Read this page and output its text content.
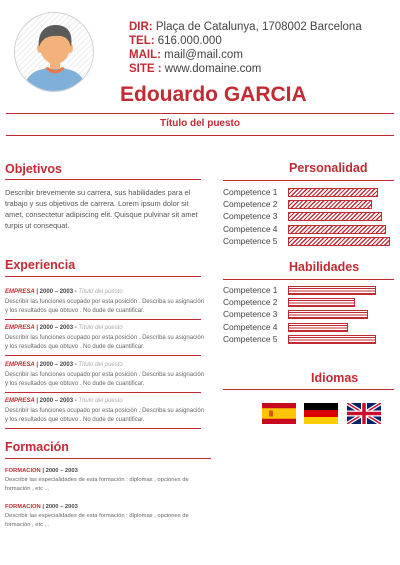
DIR: Plaça de Catalunya, 1708002 Barcelona
TEL: 616.000.000
MAIL: mail@mail.com
SITE : www.domaine.com
Edouardo GARCIA
Título del puesto
Objetivos
Describir brevemente su carrera, sus habilidades para el trabajo y sus objetivos de carrera. Lorem ipsum dolor sit amet, consectetur adipiscing elit. Quisque pulvinar sit amet turpis ut consequat.
Experiencia
EMPRESA | 2000 – 2003 - Título del puesto
Describir las funciones ocupado por esta posición . Describa su asignación y los resultados que obtuvo . No dude de cuantificar.
EMPRESA | 2000 – 2003 - Título del puesto
Describir las funciones ocupado por esta posición . Describa su asignación y los resultados que obtuvo . No dude de cuantificar.
EMPRESA | 2000 – 2003 - Título del puesto
Describir las funciones ocupado por esta posición . Describa su asignación y los resultados que obtuvo . No dude de cuantificar.
EMPRESA | 2000 – 2003 - Título del puesto
Describir las funciones ocupado por esta posición . Describa su asignación y los resultados que obtuvo . No dude de cuantificar.
Formación
FORMACION | 2000 – 2003
Describir las especialidades de esta formación : diplomas , opciones de formación , etc ...
FORMACION | 2000 – 2003
Describir las especialidades de esta formación : diplomas , opciones de formación , etc ...
Personalidad
Competence 1
Competence 2
Competence 3
Competence 4
Competence 5
Habilidades
Competence 1
Competence 2
Competence 3
Competence 4
Competence 5
Idiomas
